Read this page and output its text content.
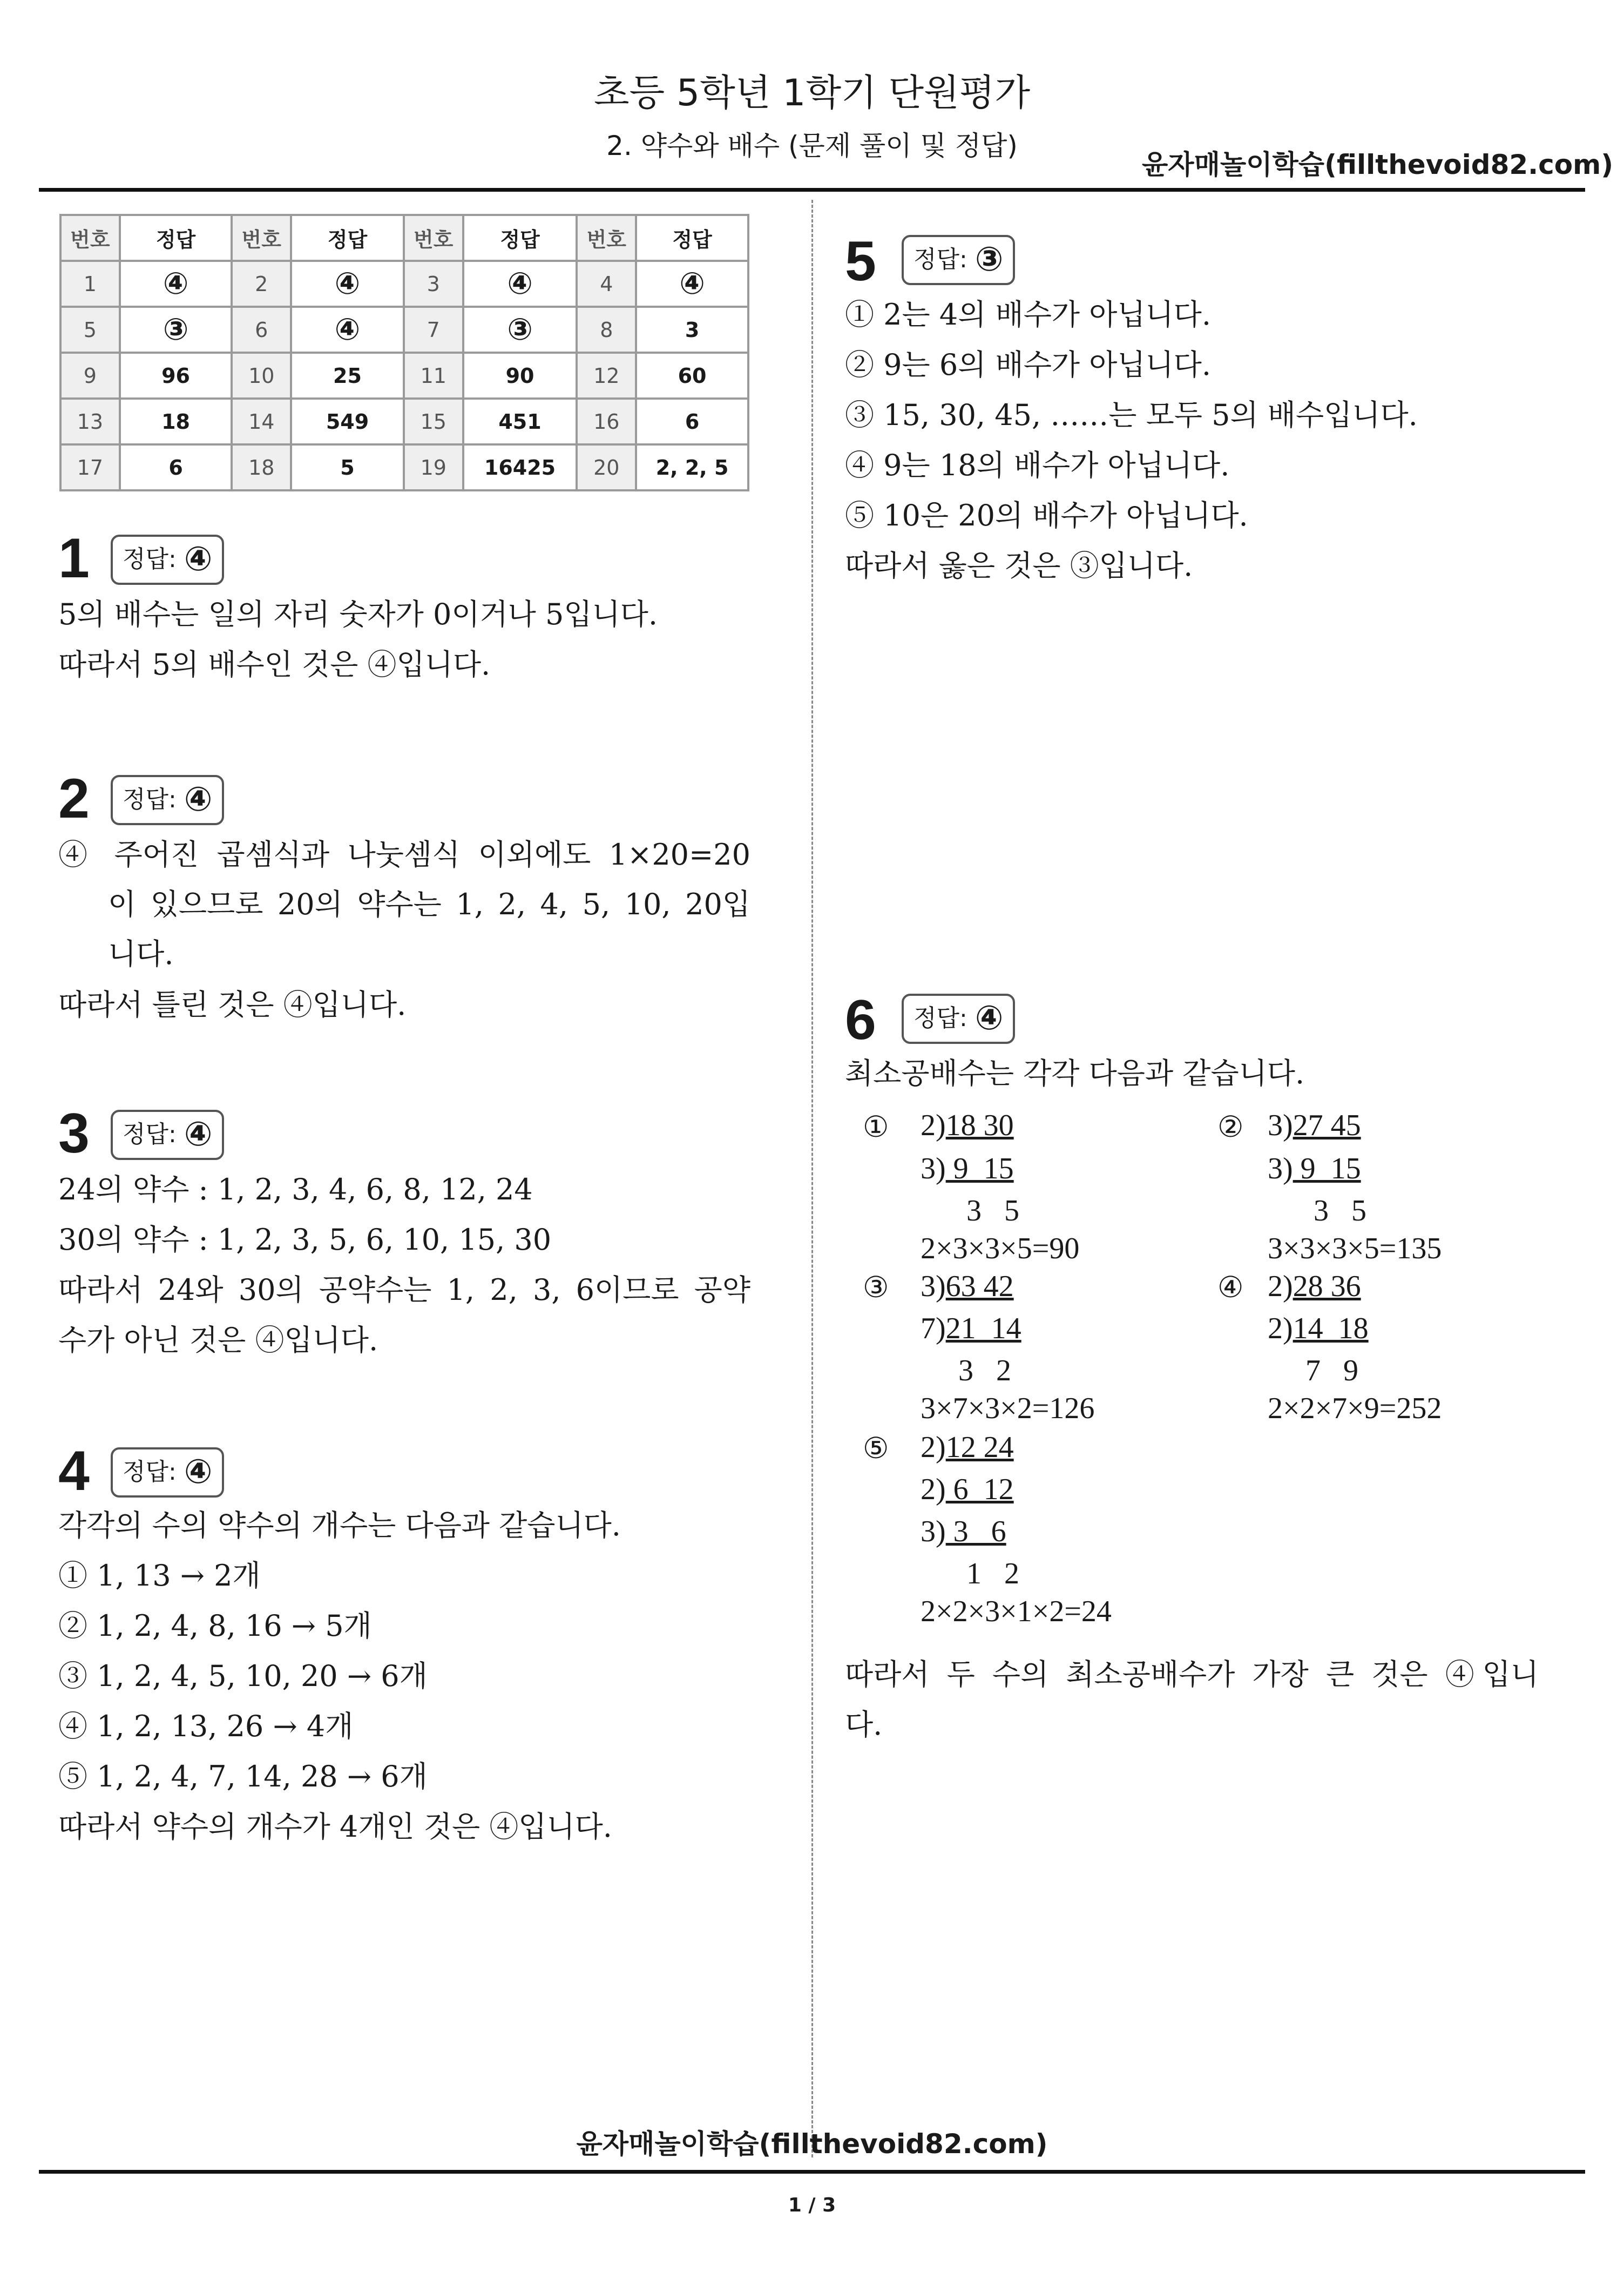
초등 5학년 1학기 단원평가
2. 약수와 배수 (문제 풀이 및 정답)
윤자매놀이학습(fillthevoid82.com)
번호	정답	번호	정답	번호	정답	번호	정답
1	④	2	④	3	④	4	④
5	③	6	④	7	③	8	3
9	96	10	25	11	90	12	60
13	18	14	549	15	451	16	6
17	6	18	5	19	16425	20	2, 2, 5
1	정답: ④
5의 배수는 일의 자리 숫자가 0이거나 5입니다.
따라서 5의 배수인 것은 ④입니다.
2	정답: ④
④ 주어진 곱셈식과 나눗셈식 이외에도 1×20=20
이 있으므로 20의 약수는 1, 2, 4, 5, 10, 20입
니다.
따라서 틀린 것은 ④입니다.
3	정답: ④
24의 약수 : 1, 2, 3, 4, 6, 8, 12, 24
30의 약수 : 1, 2, 3, 5, 6, 10, 15, 30
따라서 24와 30의 공약수는 1, 2, 3, 6이므로 공약
수가 아닌 것은 ④입니다.
4	정답: ④
각각의 수의 약수의 개수는 다음과 같습니다.
① 1, 13 → 2개
② 1, 2, 4, 8, 16 → 5개
③ 1, 2, 4, 5, 10, 20 → 6개
④ 1, 2, 13, 26 → 4개
⑤ 1, 2, 4, 7, 14, 28 → 6개
따라서 약수의 개수가 4개인 것은 ④입니다.
5	정답: ③
① 2는 4의 배수가 아닙니다.
② 9는 6의 배수가 아닙니다.
③ 15, 30, 45, ……는 모두 5의 배수입니다.
④ 9는 18의 배수가 아닙니다.
⑤ 10은 20의 배수가 아닙니다.
따라서 옳은 것은 ③입니다.
6	정답: ④
최소공배수는 각각 다음과 같습니다.
① 2)18 30
3) 9  15
3   5
2×3×3×5=90
② 3)27 45
3) 9  15
3   5
3×3×3×5=135
③ 3)63 42
7)21  14
3   2
3×7×3×2=126
④ 2)28 36
2)14  18
7   9
2×2×7×9=252
⑤ 2)12 24
2) 6  12
3) 3   6
1   2
2×2×3×1×2=24
따라서 두 수의 최소공배수가 가장 큰 것은 ④입니
다.
윤자매놀이학습(fillthevoid82.com)
1 / 3
